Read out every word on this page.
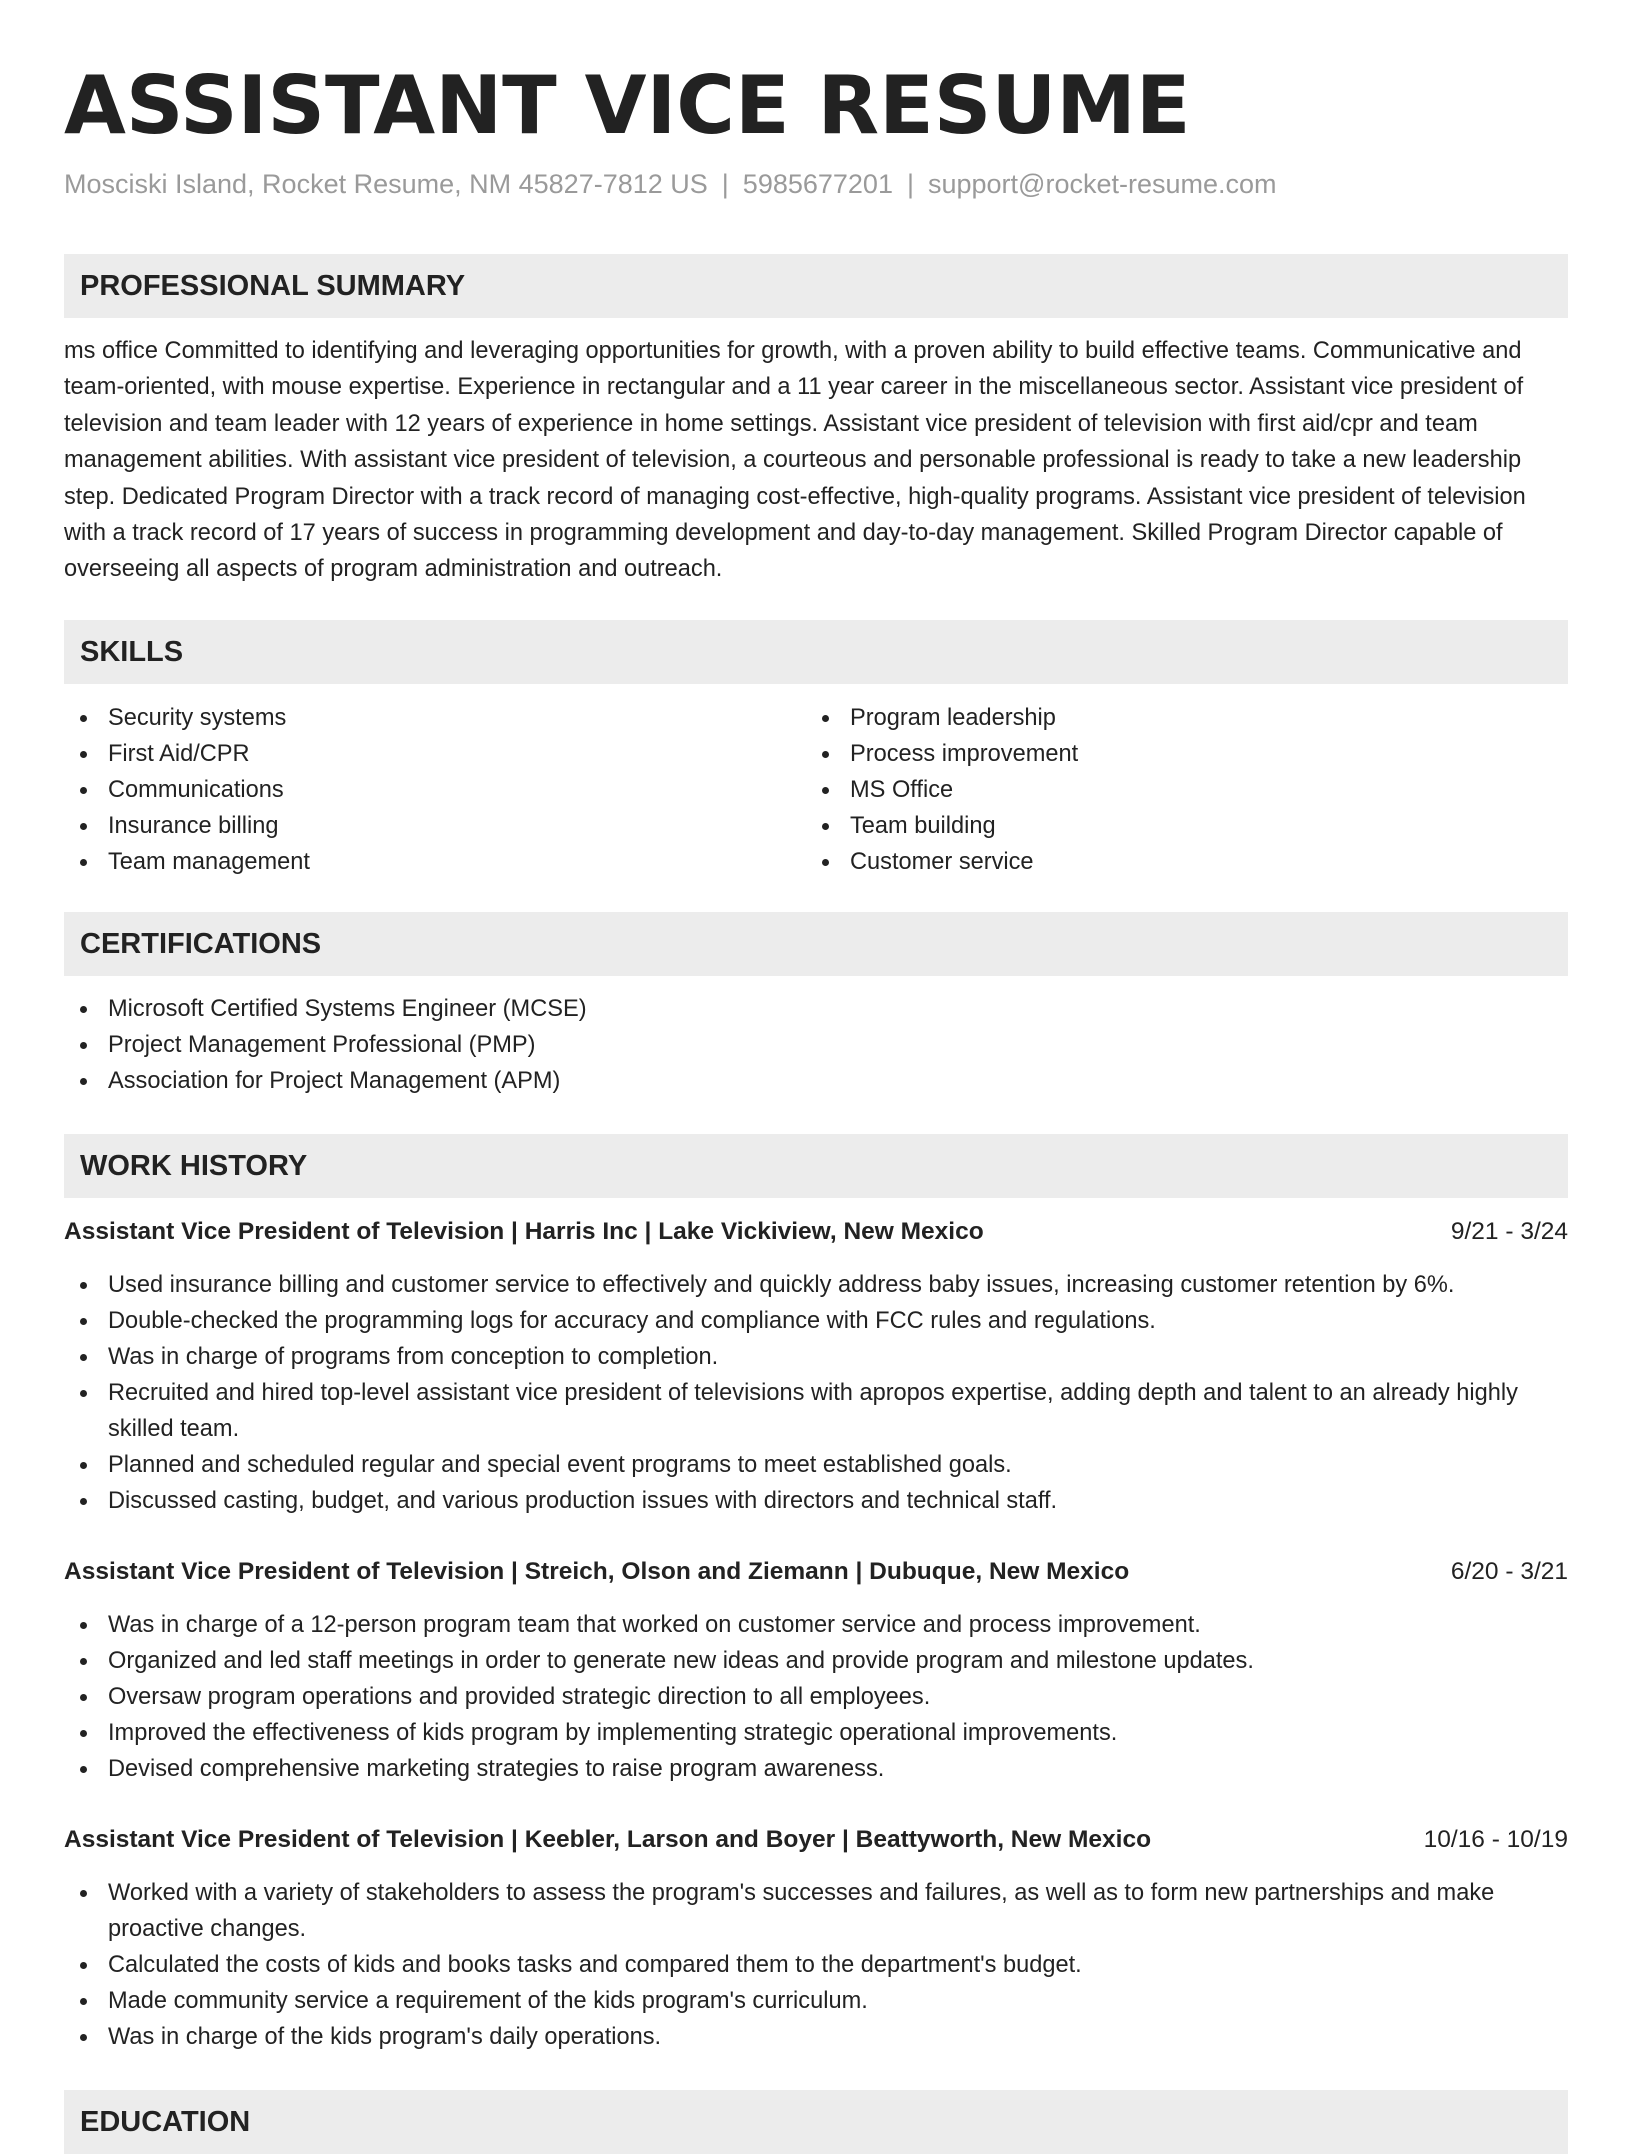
ASSISTANT VICE RESUME
Mosciski Island, Rocket Resume, NM 45827-7812 US | 5985677201 | support@rocket-resume.com
PROFESSIONAL SUMMARY

ms office Committed to identifying and leveraging opportunities for growth, with a proven ability to build effective teams. Communicative and team-oriented, with mouse expertise. Experience in rectangular and a 11 year career in the miscellaneous sector. Assistant vice president of television and team leader with 12 years of experience in home settings. Assistant vice president of television with first aid/cpr and team management abilities. With assistant vice president of television, a courteous and personable professional is ready to take a new leadership step. Dedicated Program Director with a track record of managing cost-effective, high-quality programs. Assistant vice president of television with a track record of 17 years of success in programming development and day-to-day management. Skilled Program Director capable of overseeing all aspects of program administration and outreach.

SKILLS
Security systems
First Aid/CPR
Communications
Insurance billing
Team management
Program leadership
Process improvement
MS Office
Team building
Customer service
CERTIFICATIONS
Microsoft Certified Systems Engineer (MCSE)
Project Management Professional (PMP)
Association for Project Management (APM)
WORK HISTORY
Assistant Vice President of Television | Harris Inc | Lake Vickiview, New Mexico	9/21 - 3/24
Used insurance billing and customer service to effectively and quickly address baby issues, increasing customer retention by 6%.
Double-checked the programming logs for accuracy and compliance with FCC rules and regulations.
Was in charge of programs from conception to completion.
Recruited and hired top-level assistant vice president of televisions with apropos expertise, adding depth and talent to an already highly skilled team.
Planned and scheduled regular and special event programs to meet established goals.
Discussed casting, budget, and various production issues with directors and technical staff.
Assistant Vice President of Television | Streich, Olson and Ziemann | Dubuque, New Mexico	6/20 - 3/21
Was in charge of a 12-person program team that worked on customer service and process improvement.
Organized and led staff meetings in order to generate new ideas and provide program and milestone updates.
Oversaw program operations and provided strategic direction to all employees.
Improved the effectiveness of kids program by implementing strategic operational improvements.
Devised comprehensive marketing strategies to raise program awareness.
Assistant Vice President of Television | Keebler, Larson and Boyer | Beattyworth, New Mexico	10/16 - 10/19
Worked with a variety of stakeholders to assess the program's successes and failures, as well as to form new partnerships and make proactive changes.
Calculated the costs of kids and books tasks and compared them to the department's budget.
Made community service a requirement of the kids program's curriculum.
Was in charge of the kids program's daily operations.
EDUCATION
